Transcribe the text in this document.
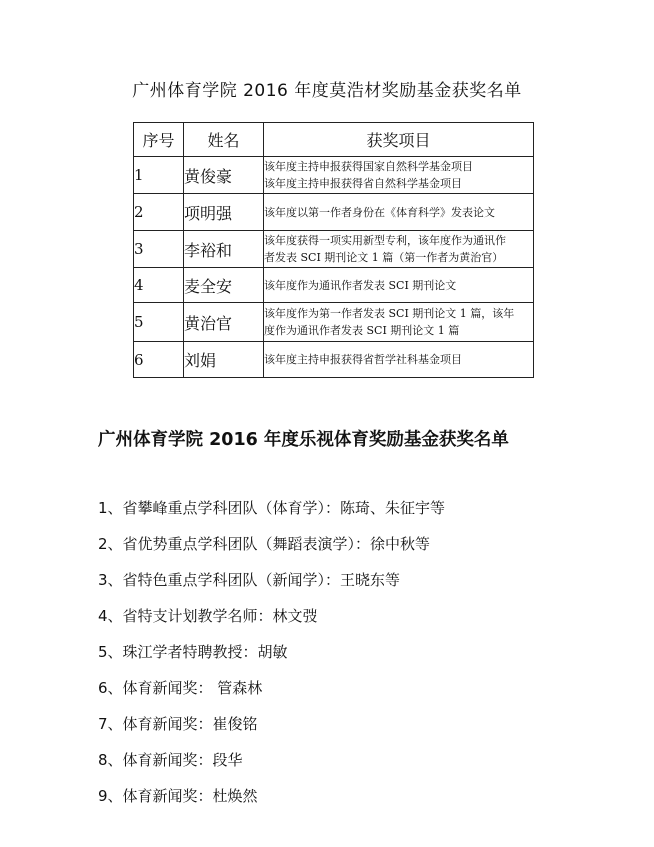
广州体育学院 2016 年度莫浩材奖励基金获奖名单
序号	姓名	获奖项目
1	黄俊豪	该年度主持申报获得国家自然科学基金项目
该年度主持申报获得省自然科学基金项目

2	项明强	该年度以第一作者身份在《体育科学》发表论文

3	李裕和	该年度获得一项实用新型专利，该年度作为通讯作
者发表 SCI 期刊论文 1 篇（第一作者为黄治官）

4	麦全安	该年度作为通讯作者发表 SCI 期刊论文

5	黄治官	该年度作为第一作者发表 SCI 期刊论文 1 篇，该年
度作为通讯作者发表 SCI 期刊论文 1 篇

6	刘娟	该年度主持申报获得省哲学社科基金项目
广州体育学院 2016 年度乐视体育奖励基金获奖名单
1、省攀峰重点学科团队（体育学）：陈琦、朱征宇等
2、省优势重点学科团队（舞蹈表演学）：徐中秋等
3、省特色重点学科团队（新闻学）：王晓东等
4、省特支计划教学名师：林文弢
5、珠江学者特聘教授：胡敏
6、体育新闻奖： 管森林
7、体育新闻奖：崔俊铭
8、体育新闻奖：段华
9、体育新闻奖：杜焕然
